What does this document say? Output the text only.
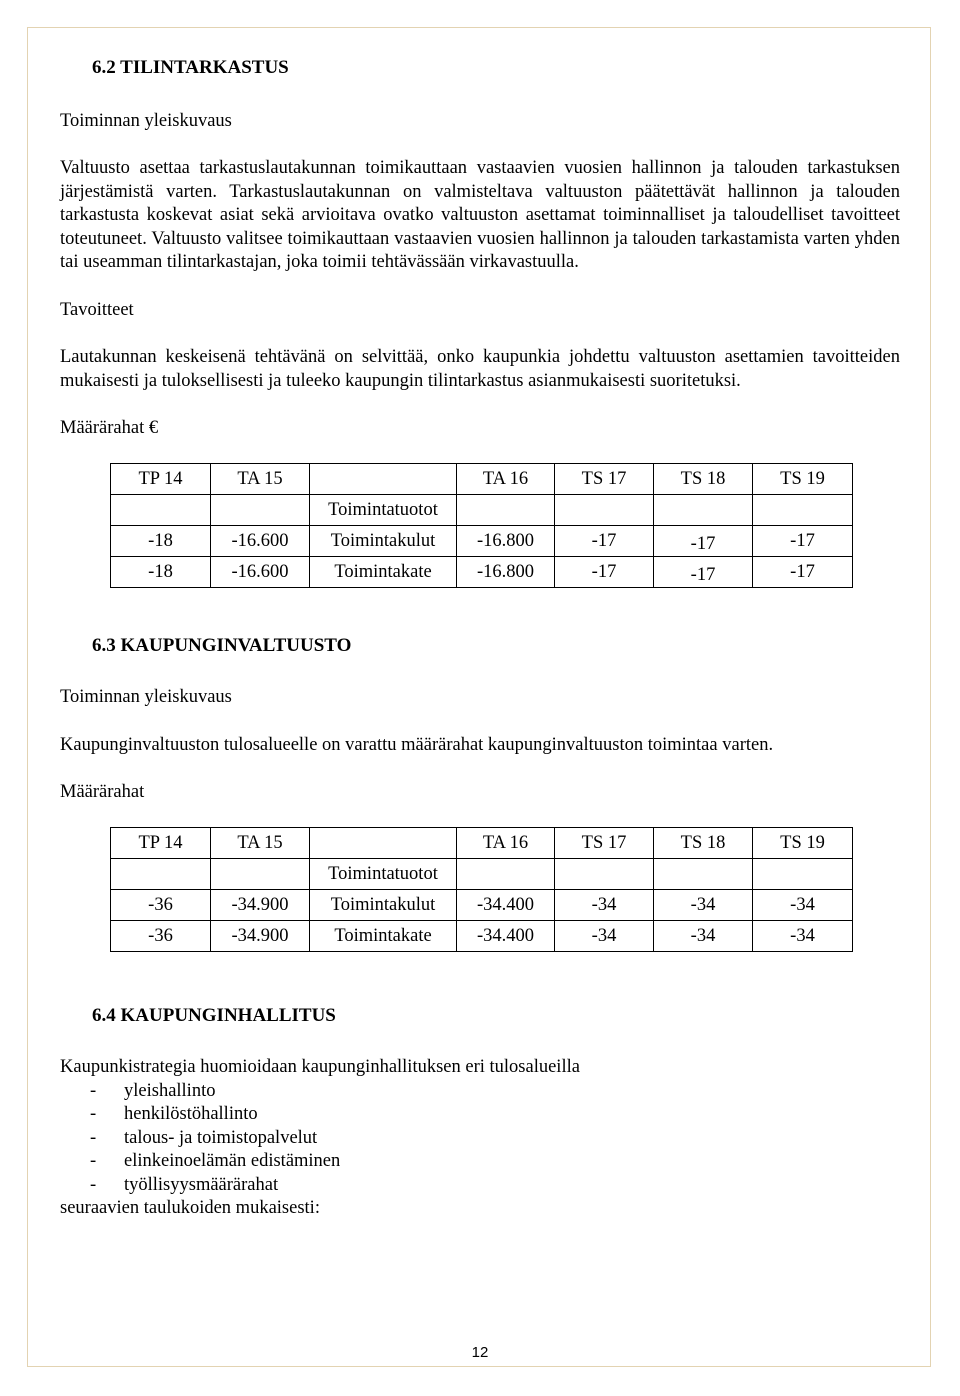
6.2 TILINTARKASTUS

Toiminnan yleiskuvaus

Valtuusto asettaa tarkastuslautakunnan toimikauttaan vastaavien vuosien hallinnon ja talouden tarkastuksen järjestämistä varten. Tarkastuslautakunnan on valmisteltava valtuuston päätettävät hallinnon ja talouden tarkastusta koskevat asiat sekä arvioitava ovatko valtuuston asettamat toiminnalliset ja taloudelliset tavoitteet toteutuneet. Valtuusto valitsee toimikauttaan vastaavien vuosien hallinnon ja talouden tarkastamista varten yhden tai useamman tilintarkastajan, joka toimii tehtävässään virkavastuulla.

Tavoitteet

Lautakunnan keskeisenä tehtävänä on selvittää, onko kaupunkia johdettu valtuuston asettamien tavoitteiden mukaisesti ja tuloksellisesti ja tuleeko kaupungin tilintarkastus asianmukaisesti suoritetuksi.

Määrärahat €

TP 14	TA 15		TA 16	TS 17	TS 18	TS 19
		Toimintatuotot				
-18	-16.600	Toimintakulut	-16.800	-17	-17	-17
-18	-16.600	Toimintakate	-16.800	-17	-17	-17
6.3 KAUPUNGINVALTUUSTO

Toiminnan yleiskuvaus

Kaupunginvaltuuston tulosalueelle on varattu määrärahat kaupunginvaltuuston toimintaa varten.

Määrärahat

TP 14	TA 15		TA 16	TS 17	TS 18	TS 19
		Toimintatuotot				
-36	-34.900	Toimintakulut	-34.400	-34	-34	-34
-36	-34.900	Toimintakate	-34.400	-34	-34	-34
6.4 KAUPUNGINHALLITUS

Kaupunkistrategia huomioidaan kaupunginhallituksen eri tulosalueilla

- yleishallinto
- henkilöstöhallinto
- talous- ja toimistopalvelut
- elinkeinoelämän edistäminen
- työllisyysmäärärahat

seuraavien taulukoiden mukaisesti:

12
